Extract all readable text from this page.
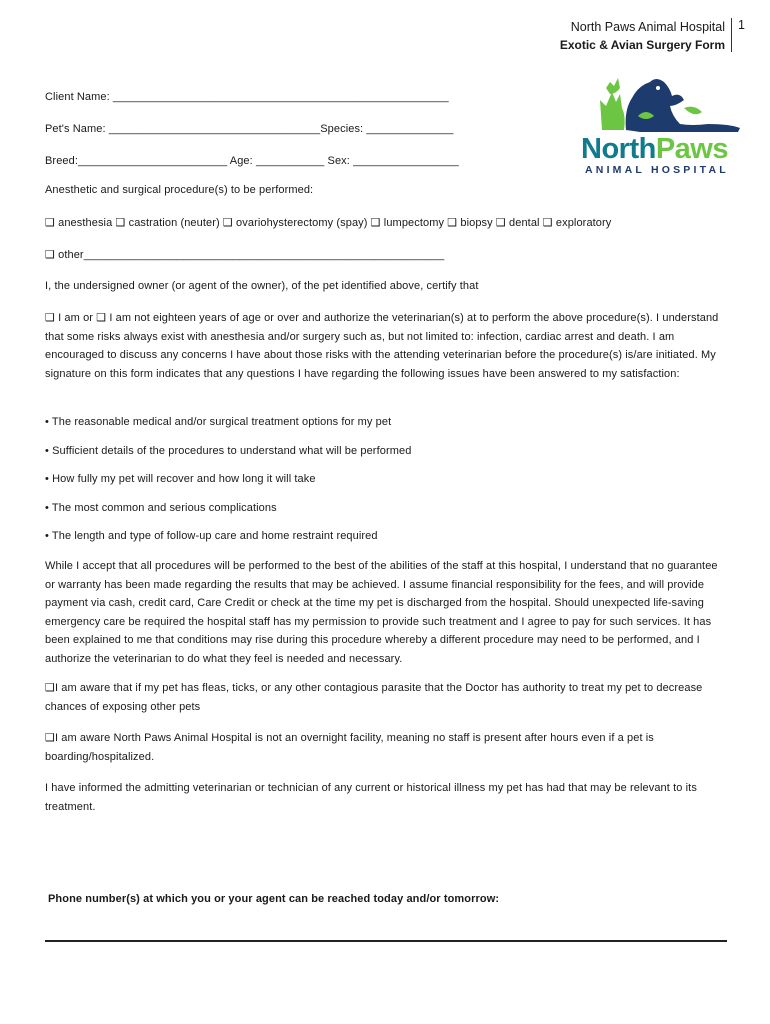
North Paws Animal Hospital
Exotic & Avian Surgery Form
1
NorthPaws
ANIMAL HOSPITAL
Client Name: ______________________________________________________
Pet's Name: __________________________________Species: ______________
Breed:________________________ Age: ___________ Sex: _________________
Anesthetic and surgical procedure(s) to be performed:
❑ anesthesia ❑ castration (neuter) ❑ ovariohysterectomy (spay) ❑ lumpectomy ❑ biopsy ❑ dental ❑ exploratory
❑ other__________________________________________________________
I, the undersigned owner (or agent of the owner), of the pet identified above, certify that
❑ I am or ❑ I am not eighteen years of age or over and authorize the veterinarian(s) at to perform the above procedure(s). I understand that some risks always exist with anesthesia and/or surgery such as, but not limited to: infection, cardiac arrest and death. I am encouraged to discuss any concerns I have about those risks with the attending veterinarian before the procedure(s) is/are initiated. My signature on this form indicates that any questions I have regarding the following issues have been answered to my satisfaction:
• The reasonable medical and/or surgical treatment options for my pet
• Sufficient details of the procedures to understand what will be performed
• How fully my pet will recover and how long it will take
• The most common and serious complications
• The length and type of follow-up care and home restraint required
While I accept that all procedures will be performed to the best of the abilities of the staff at this hospital, I understand that no guarantee or warranty has been made regarding the results that may be achieved. I assume financial responsibility for the fees, and will provide payment via cash, credit card, Care Credit or check at the time my pet is discharged from the hospital. Should unexpected life-saving emergency care be required the hospital staff has my permission to provide such treatment and I agree to pay for such services. It has been explained to me that conditions may rise during this procedure whereby a different procedure may need to be performed, and I authorize the veterinarian to do what they feel is needed and necessary.
❑I am aware that if my pet has fleas, ticks, or any other contagious parasite that the Doctor has authority to treat my pet to decrease chances of exposing other pets
❑I am aware North Paws Animal Hospital is not an overnight facility, meaning no staff is present after hours even if a pet is boarding/hospitalized.
I have informed the admitting veterinarian or technician of any current or historical illness my pet has had that may be relevant to its treatment.
Phone number(s) at which you or your agent can be reached today and/or tomorrow:
